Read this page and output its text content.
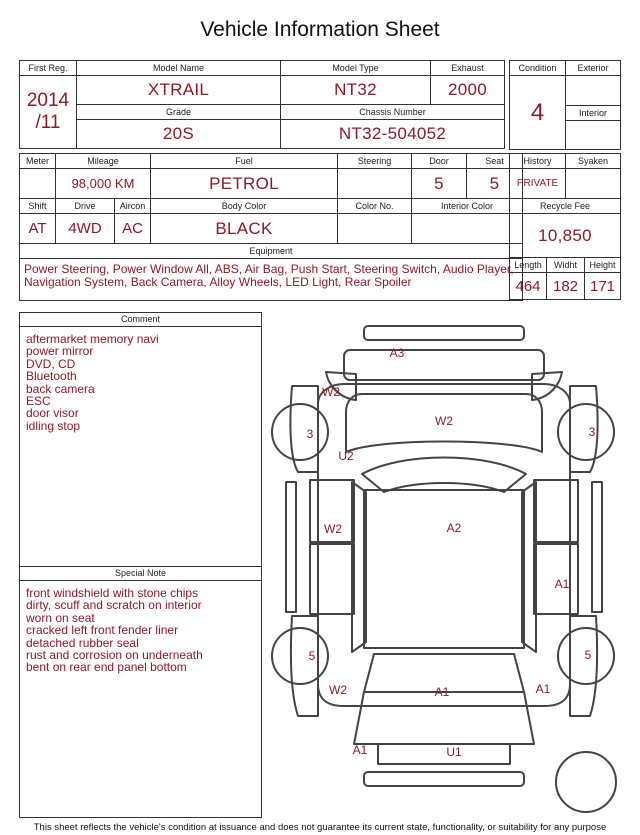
Vehicle Information Sheet
First Reg.	Model Name	Model Type	Exhaust

2014
/11	XTRAIL	NT32	2000
	Grade	Chassis Number	
	20S	NT32-504052	
Condition	Exterior
4	
	Interior

Meter	Mileage		Fuel	Steering	Door	Seat
	98,000 KM		PETROL		5	5
Shift	Drive	Aircon	Body Color	Color No.	Interior Color	
AT	4WD	AC	BLACK			
Equipment						

Power Steering, Power Window All, ABS, Air Bag, Push Start, Steering Switch, Audio Player, Navigation System, Back Camera, Alloy Wheels, LED Light, Rear Spoiler						
History		Syaken	
PRIVATE			
Recycle Fee			
10,850			
Length	Widht		Height
464	182		171
Comment
aftermarket memory navi
power mirror
DVD, CD
Bluetooth
back camera
ESC
door visor
idling stop
Special Note
front windshield with stone chips
dirty, scuff and scratch on interior
worn on seat
cracked left front fender liner
detached rubber seal
rust and corrosion on underneath
bent on rear end panel bottom
A3
W2
W2
3	3
U2
W2	A2
A1
5	5
W2	A1	A1
A1	U1
This sheet reflects the vehicle's condition at issuance and does not guarantee its current state, functionality, or suitability for any purpose
